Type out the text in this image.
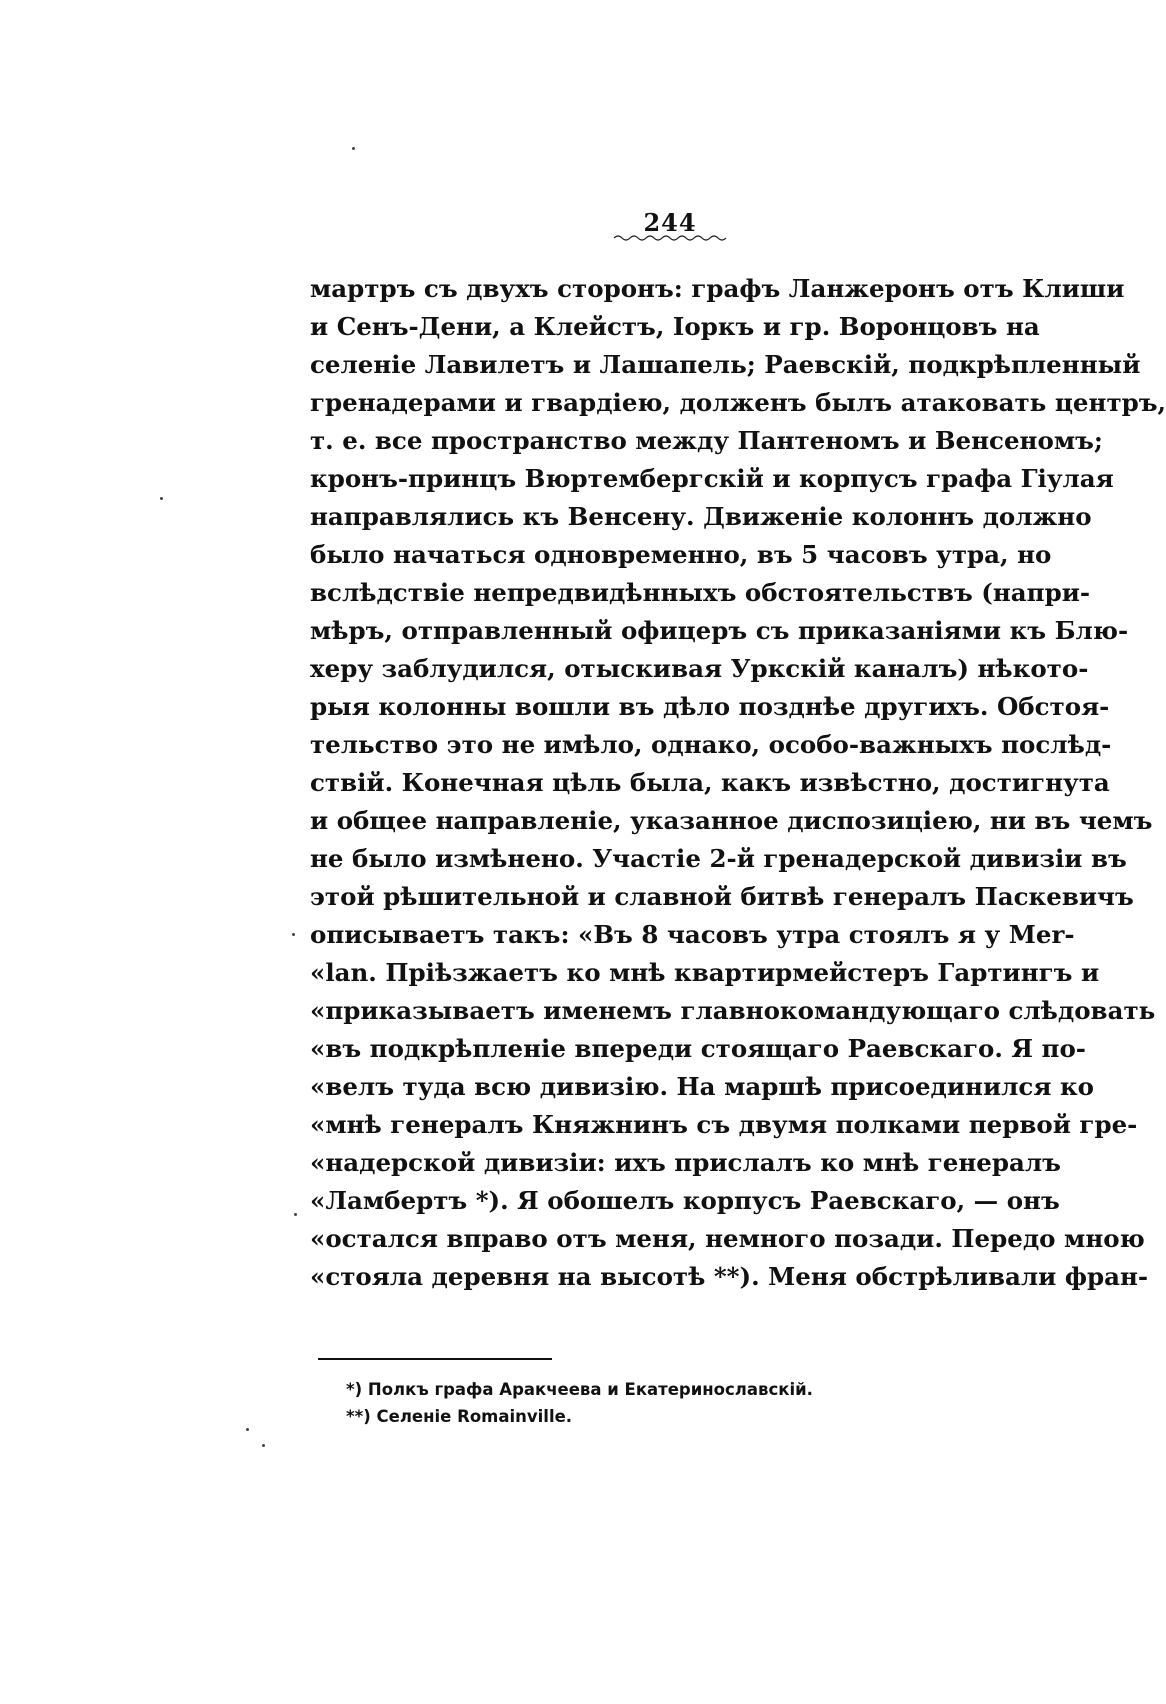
244
мартръ съ двухъ сторонъ: графъ Ланжеронъ отъ Клиши
и Сенъ-Дени, а Клейстъ, Іоркъ и гр. Воронцовъ на
селеніе Лавилетъ и Лашапель; Раевскій, подкрѣпленный
гренадерами и гвардіею, долженъ былъ атаковать центръ,
т. е. все пространство между Пантеномъ и Венсеномъ;
кронъ-принцъ Вюртембергскій и корпусъ графа Гіулая
направлялись къ Венсену. Движеніе колоннъ должно
было начаться одновременно, въ 5 часовъ утра, но
вслѣдствіе непредвидѣнныхъ обстоятельствъ (напри-
мѣръ, отправленный офицеръ съ приказаніями къ Блю-
херу заблудился, отыскивая Уркскій каналъ) нѣкото-
рыя колонны вошли въ дѣло позднѣе другихъ. Обстоя-
тельство это не имѣло, однако, особо-важныхъ послѣд-
ствій. Конечная цѣль была, какъ извѣстно, достигнута
и общее направленіе, указанное диспозиціею, ни въ чемъ
не было измѣнено. Участіе 2-й гренадерской дивизіи въ
этой рѣшительной и славной битвѣ генералъ Паскевичъ
описываетъ такъ: «Въ 8 часовъ утра стоялъ я у Mer-
«lan. Пріѣзжаетъ ко мнѣ квартирмейстеръ Гартингъ и
«приказываетъ именемъ главнокомандующаго слѣдовать
«въ подкрѣпленіе впереди стоящаго Раевскаго. Я по-
«велъ туда всю дивизію. На маршѣ присоединился ко
«мнѣ генералъ Княжнинъ съ двумя полками первой гре-
«надерской дивизіи: ихъ прислалъ ко мнѣ генералъ
«Ламбертъ *). Я обошелъ корпусъ Раевскаго, — онъ
«остался вправо отъ меня, немного позади. Передо мною
«стояла деревня на высотѣ **). Меня обстрѣливали фран-
*) Полкъ графа Аракчеева и Екатеринославскій.
**) Селеніе Romainville.
